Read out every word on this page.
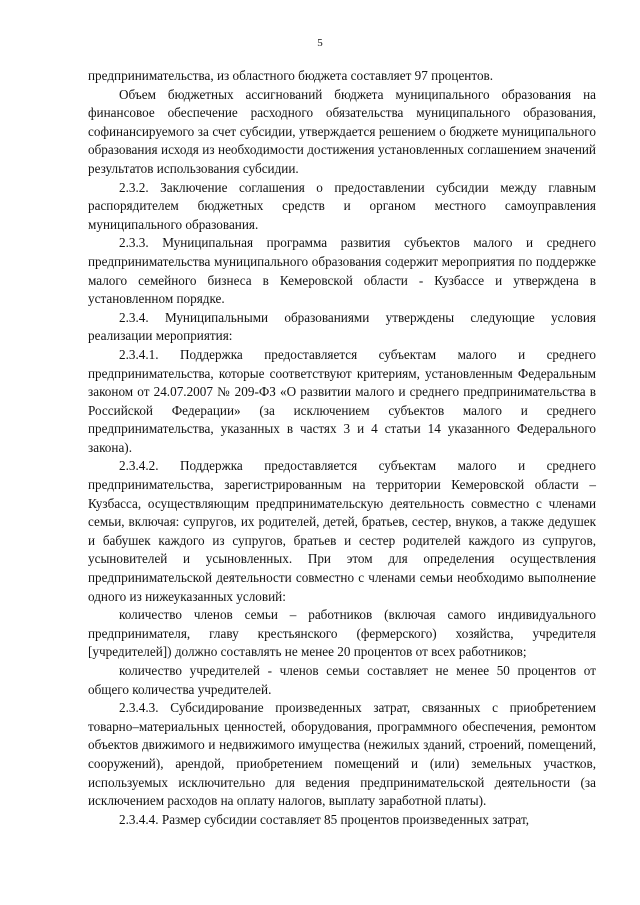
5

предпринимательства, из областного бюджета составляет 97 процентов.

Объем бюджетных ассигнований бюджета муниципального образования на финансовое обеспечение расходного обязательства муниципального образования, софинансируемого за счет субсидии, утверждается решением о бюджете муниципального образования исходя из необходимости достижения установленных соглашением значений результатов использования субсидии.

2.3.2. Заключение соглашения о предоставлении субсидии между главным распорядителем бюджетных средств и органом местного самоуправления муниципального образования.

2.3.3. Муниципальная программа развития субъектов малого и среднего предпринимательства муниципального образования содержит мероприятия по поддержке малого семейного бизнеса в Кемеровской области - Кузбассе и утверждена в установленном порядке.

2.3.4. Муниципальными образованиями утверждены следующие условия реализации мероприятия:

2.3.4.1. Поддержка предоставляется субъектам малого и среднего предпринимательства, которые соответствуют критериям, установленным Федеральным законом от 24.07.2007 № 209-ФЗ «О развитии малого и среднего предпринимательства в Российской Федерации» (за исключением субъектов малого и среднего предпринимательства, указанных в частях 3 и 4 статьи 14 указанного Федерального закона).

2.3.4.2. Поддержка предоставляется субъектам малого и среднего предпринимательства, зарегистрированным на территории Кемеровской области – Кузбасса, осуществляющим предпринимательскую деятельность совместно с членами семьи, включая: супругов, их родителей, детей, братьев, сестер, внуков, а также дедушек и бабушек каждого из супругов, братьев и сестер родителей каждого из супругов, усыновителей и усыновленных. При этом для определения осуществления предпринимательской деятельности совместно с членами семьи необходимо выполнение одного из нижеуказанных условий:

количество членов семьи – работников (включая самого индивидуального предпринимателя, главу крестьянского (фермерского) хозяйства, учредителя [учредителей]) должно составлять не менее 20 процентов от всех работников;

количество учредителей - членов семьи составляет не менее 50 процентов от общего количества учредителей.

2.3.4.3. Субсидирование произведенных затрат, связанных с приобретением товарно–материальных ценностей, оборудования, программного обеспечения, ремонтом объектов движимого и недвижимого имущества (нежилых зданий, строений, помещений, сооружений), арендой, приобретением помещений и (или) земельных участков, используемых исключительно для ведения предпринимательской деятельности (за исключением расходов на оплату налогов, выплату заработной платы).

2.3.4.4. Размер субсидии составляет 85 процентов произведенных затрат,
